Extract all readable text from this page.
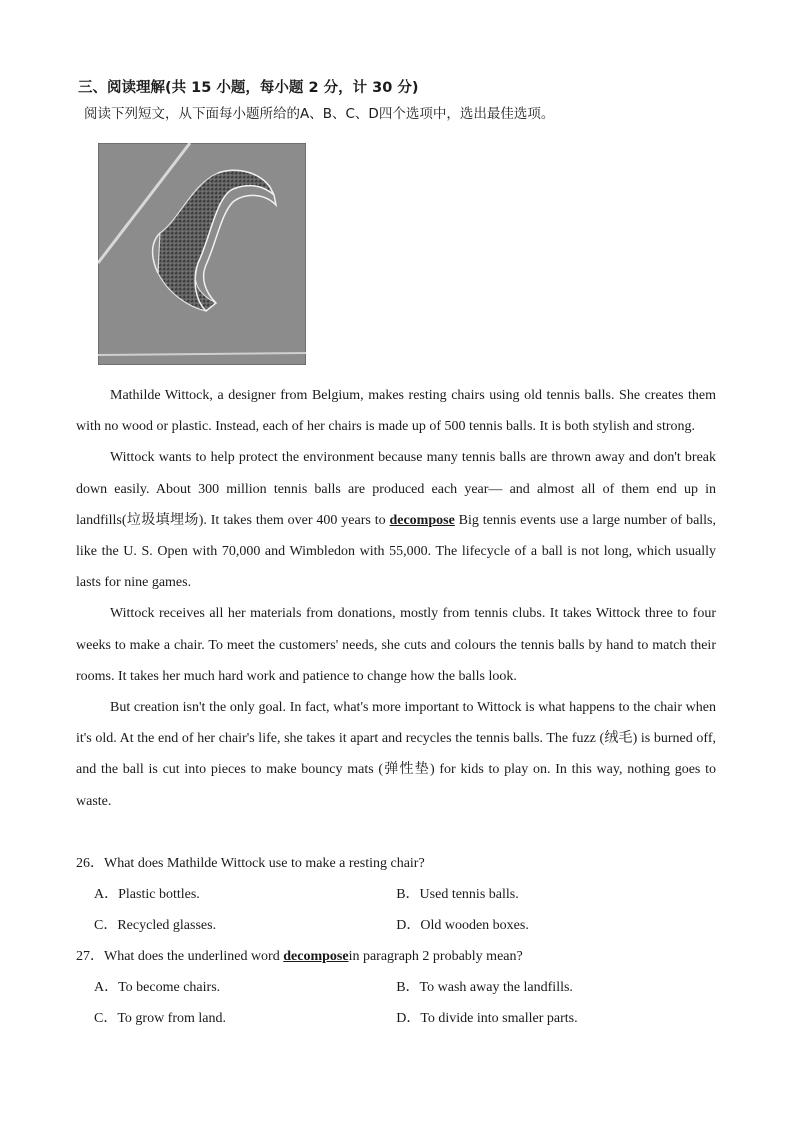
三、阅读理解(共 15 小题，每小题 2 分，计 30 分)
阅读下列短文，从下面每小题所给的A、B、C、D四个选项中，选出最佳选项。

Mathilde Wittock, a designer from Belgium, makes resting chairs using old tennis balls. She creates them with no wood or plastic. Instead, each of her chairs is made up of 500 tennis balls. It is both stylish and strong.

Wittock wants to help protect the environment because many tennis balls are thrown away and don't break down easily. About 300 million tennis balls are produced each year— and almost all of them end up in landfills(垃圾填埋场). It takes them over 400 years to decompose Big tennis events use a large number of balls, like the U. S. Open with 70,000 and Wimbledon with 55,000. The lifecycle of a ball is not long, which usually lasts for nine games.

Wittock receives all her materials from donations, mostly from tennis clubs. It takes Wittock three to four weeks to make a chair. To meet the customers' needs, she cuts and colours the tennis balls by hand to match their rooms. It takes her much hard work and patience to change how the balls look.

But creation isn't the only goal. In fact, what's more important to Wittock is what happens to the chair when it's old. At the end of her chair's life, she takes it apart and recycles the tennis balls. The fuzz (绒毛) is burned off, and the ball is cut into pieces to make bouncy mats (弹性垫) for kids to play on. In this way, nothing goes to waste.

26．What does Mathilde Wittock use to make a resting chair?
A．Plastic bottles.	B．Used tennis balls.
C．Recycled glasses.	D．Old wooden boxes.
27．What does the underlined word decomposein paragraph 2 probably mean?
A．To become chairs.	B．To wash away the landfills.
C．To grow from land.	D．To divide into smaller parts.
